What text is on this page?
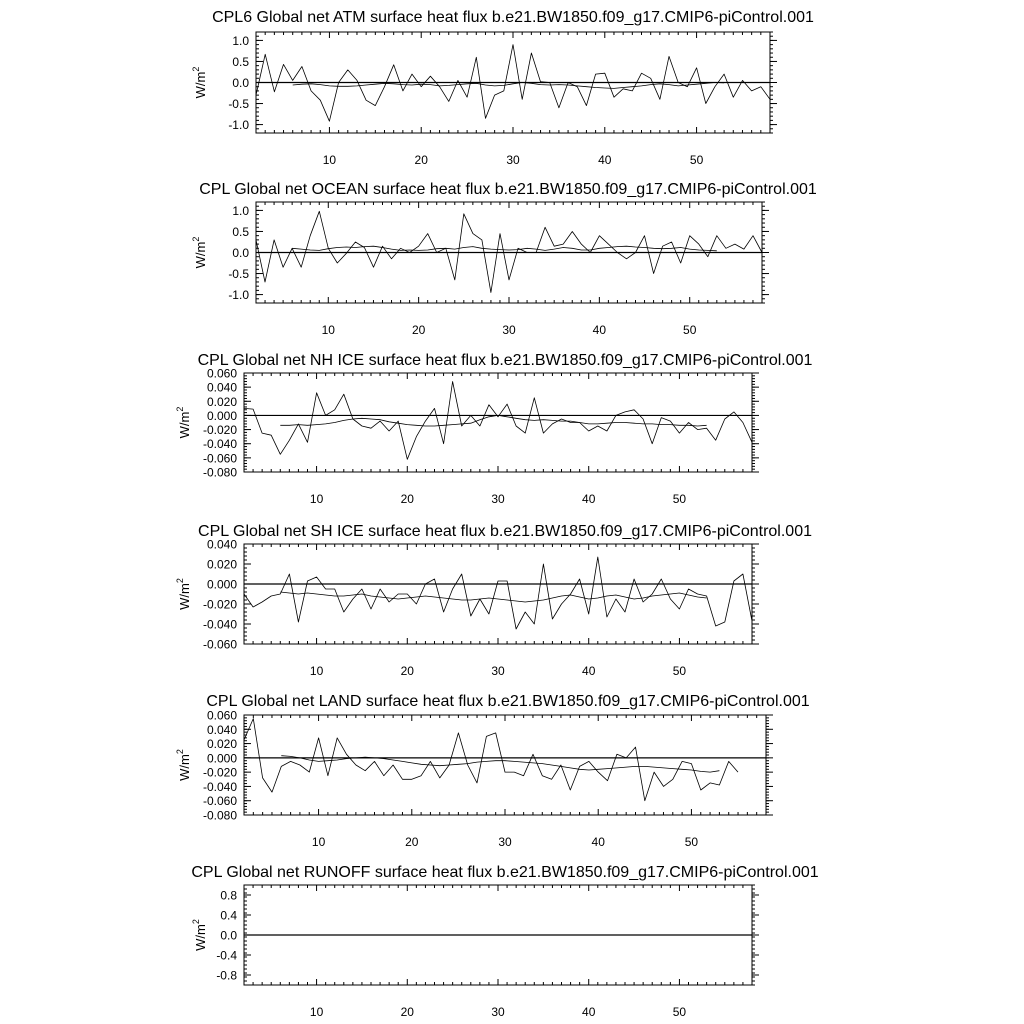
CPL6 Global net ATM surface heat flux b.e21.BW1850.f09_g17.CMIP6-piControl.001
$W/m^2$
10	20	30	40	50
1.0
0.5
0.0
-0.5
-1.0
CPL Global net OCEAN surface heat flux b.e21.BW1850.f09_g17.CMIP6-piControl.001
$W/m^2$
10	20	30	40	50
1.0
0.5
0.0
-0.5
-1.0
CPL Global net NH ICE surface heat flux b.e21.BW1850.f09_g17.CMIP6-piControl.001
$W/m^2$
10	20	30	40	50
0.060
0.040
0.020
0.000
-0.020
-0.040
-0.060
-0.080
CPL Global net SH ICE surface heat flux b.e21.BW1850.f09_g17.CMIP6-piControl.001
$W/m^2$
10	20	30	40	50
0.040
0.020
0.000
-0.020
-0.040
-0.060
CPL Global net LAND surface heat flux b.e21.BW1850.f09_g17.CMIP6-piControl.001
$W/m^2$
10	20	30	40	50
0.060
0.040
0.020
0.000
-0.020
-0.040
-0.060
-0.080
CPL Global net RUNOFF surface heat flux b.e21.BW1850.f09_g17.CMIP6-piControl.001
$W/m^2$
10	20	30	40	50
0.8
0.4
0.0
-0.4
-0.8
